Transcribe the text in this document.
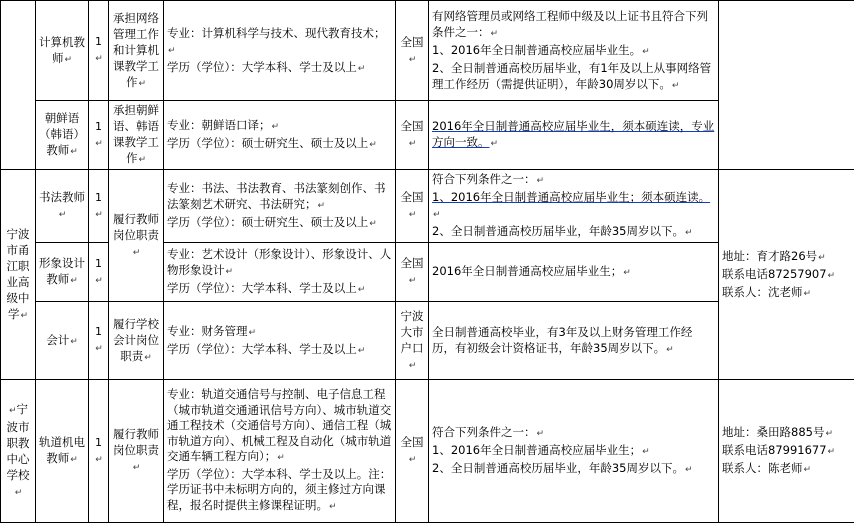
	计算机教师↵	1↵	承担网络管理工作和计算机课教学工作↵	专业：计算机科学与技术、现代教育技术；↵
学历（学位）：大学本科、学士及以上↵	全国↵	有网络管理员或网络工程师中级及以上证书且符合下列条件之一：↵
1、2016年全日制普通高校应届毕业生。↵
2、全日制普通高校历届毕业，有1年及以上从事网络管理工作经历（需提供证明），年龄30周岁以下。↵	

	朝鲜语（韩语）教师↵	1↵	承担朝鲜语、韩语课教学工作↵	专业：朝鲜语口译；↵
学历（学位）：硕士研究生、硕士及以上↵	全国↵	2016年全日制普通高校应届毕业生，须本硕连读，专业方向一致。↵	

宁波市甬江职业高级中学↵	书法教师↵	1↵	履行教师岗位职责↵	专业：书法、书法教育、书法篆刻创作、书法篆刻艺术研究、书法研究；↵
学历（学位）：硕士研究生、硕士及以上↵	全国↵	符合下列条件之一：↵
1、2016年全日制普通高校应届毕业生；须本硕连读。↵
2、全日制普通高校历届毕业，年龄35周岁以下。↵	地址：育才路26号↵
联系电话87257907↵
联系人：沈老师↵

	形象设计教师↵	1↵		专业：艺术设计（形象设计）、形象设计、人物形象设计↵
学历（学位）：大学本科、学士及以上↵	全国↵	2016年全日制普通高校应届毕业生；↵	

	会计↵	1↵	履行学校会计岗位职责↵	专业：财务管理↵
学历（学位）：大学本科、学士及以上↵	宁波大市户口↵	全日制普通高校毕业，有3年及以上财务管理工作经历，有初级会计资格证书，年龄35周岁以下。↵	

↵宁波市职教中心学校↵	轨道机电教师↵	1↵	履行教师岗位职责↵	专业：轨道交通信号与控制、电子信息工程（城市轨道交通通讯信号方向）、城市轨道交通工程技术（交通信号方向）、通信工程（城市轨道方向）、机械工程及自动化（城市轨道交通车辆工程方向）；↵
学历（学位）：大学本科、学士及以上。注：学历证书中未标明方向的，须主修过方向课程，报名时提供主修课程证明。↵	全国↵	符合下列条件之一：↵
1、2016年全日制普通高校应届毕业生；↵
2、全日制普通高校历届毕业，年龄35周岁以下。↵	地址：桑田路885号↵
联系电话87991677↵
联系人：陈老师↵
